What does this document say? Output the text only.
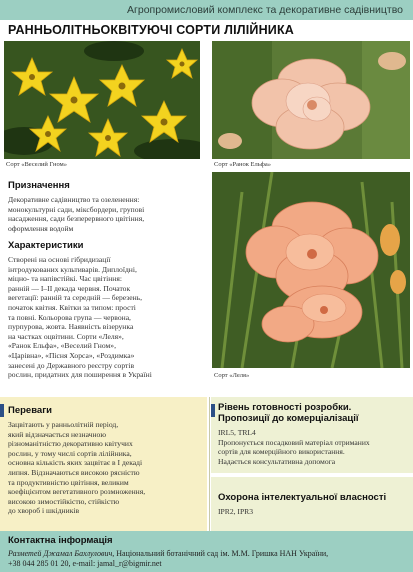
Агропромисловий комплекс та декоративне садівництво
РАННЬОЛІТНЬОКВІТУЮЧІ СОРТИ ЛІЛІЙНИКА
Сорт «Веселий Гном»	Сорт «Ранок Ельфа»
Сорт «Леля»
Призначення
Декоративне садівництво та озеленення:
монокультурні сади, міксбордери, групові
насадження, сади безперервного цвітіння,
оформлення водойм
Характеристики
Створені на основі гібридизації
інтродукованих культиварів. Диплоїдні,
міцно- та напівстійкі. Час цвітіння:
ранній — I–II декада червня. Початок
вегетації: ранній та середній — березень,
початок квітня. Квітки за типом: прості
та повні. Кольорова група — червона,
пурпурова, жовта. Наявність візерунка
на частках оцвітини. Сорти «Леля»,
«Ранок Ельфа», «Веселий Гном»,
«Царівна», «Пісня Хорса», «Роздимка»
занесені до Державного реєстру сортів
рослин, придатних для поширення в Україні
Переваги
Зацвітають у ранньолітній період,
який відзначається незначною
різноманітністю декоративно квітучих
рослин, у тому числі сортів лілійника,
основна кількість яких зацвітає в I декаді
липня. Відзначаються високою рясністю
та продуктивністю цвітіння, великим
коефіцієнтом вегетативного розмноження,
високою зимостійкістю, стійкістю
до хвороб і шкідників
Рівень готовності розробки.
Пропозиції до комерціалізації
IRL5, TRL4
Пропонується посадковий матеріал отриманих
сортів для комерційного використання.
Надається консультативна допомога
Охорона інтелектуальної власності
IPR2, IPR3
Контактна інформація
Разметей Джамал Бахлулович, Національний ботанічний сад ім. М.М. Гришка НАН України,
+38 044 285 01 20, e-mail: jamal_r@bigmir.net
